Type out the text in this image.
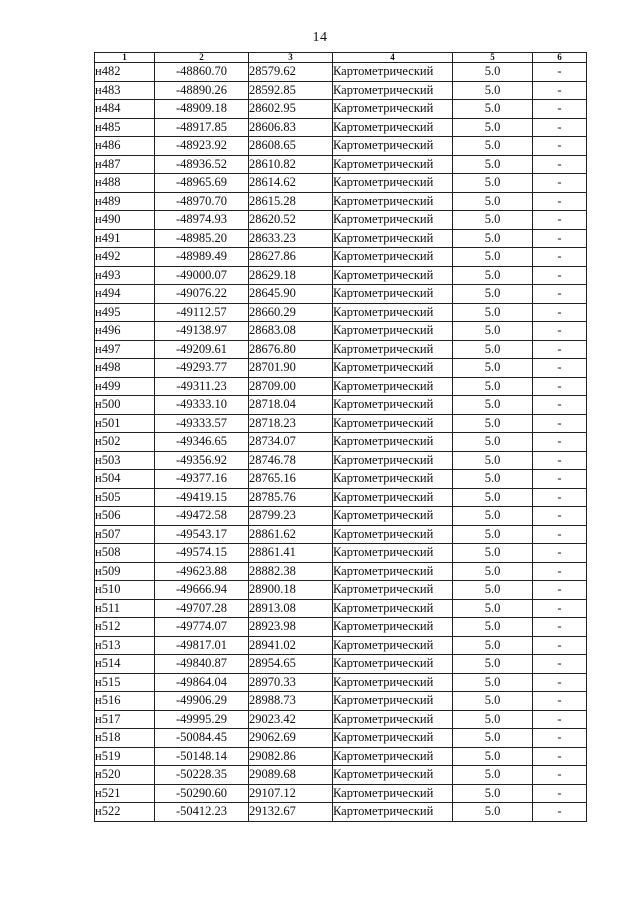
14
1	2	3	4	5	6
н482	-48860.70	28579.62	Картометрический	5.0	-
н483	-48890.26	28592.85	Картометрический	5.0	-
н484	-48909.18	28602.95	Картометрический	5.0	-
н485	-48917.85	28606.83	Картометрический	5.0	-
н486	-48923.92	28608.65	Картометрический	5.0	-
н487	-48936.52	28610.82	Картометрический	5.0	-
н488	-48965.69	28614.62	Картометрический	5.0	-
н489	-48970.70	28615.28	Картометрический	5.0	-
н490	-48974.93	28620.52	Картометрический	5.0	-
н491	-48985.20	28633.23	Картометрический	5.0	-
н492	-48989.49	28627.86	Картометрический	5.0	-
н493	-49000.07	28629.18	Картометрический	5.0	-
н494	-49076.22	28645.90	Картометрический	5.0	-
н495	-49112.57	28660.29	Картометрический	5.0	-
н496	-49138.97	28683.08	Картометрический	5.0	-
н497	-49209.61	28676.80	Картометрический	5.0	-
н498	-49293.77	28701.90	Картометрический	5.0	-
н499	-49311.23	28709.00	Картометрический	5.0	-
н500	-49333.10	28718.04	Картометрический	5.0	-
н501	-49333.57	28718.23	Картометрический	5.0	-
н502	-49346.65	28734.07	Картометрический	5.0	-
н503	-49356.92	28746.78	Картометрический	5.0	-
н504	-49377.16	28765.16	Картометрический	5.0	-
н505	-49419.15	28785.76	Картометрический	5.0	-
н506	-49472.58	28799.23	Картометрический	5.0	-
н507	-49543.17	28861.62	Картометрический	5.0	-
н508	-49574.15	28861.41	Картометрический	5.0	-
н509	-49623.88	28882.38	Картометрический	5.0	-
н510	-49666.94	28900.18	Картометрический	5.0	-
н511	-49707.28	28913.08	Картометрический	5.0	-
н512	-49774.07	28923.98	Картометрический	5.0	-
н513	-49817.01	28941.02	Картометрический	5.0	-
н514	-49840.87	28954.65	Картометрический	5.0	-
н515	-49864.04	28970.33	Картометрический	5.0	-
н516	-49906.29	28988.73	Картометрический	5.0	-
н517	-49995.29	29023.42	Картометрический	5.0	-
н518	-50084.45	29062.69	Картометрический	5.0	-
н519	-50148.14	29082.86	Картометрический	5.0	-
н520	-50228.35	29089.68	Картометрический	5.0	-
н521	-50290.60	29107.12	Картометрический	5.0	-
н522	-50412.23	29132.67	Картометрический	5.0	-
